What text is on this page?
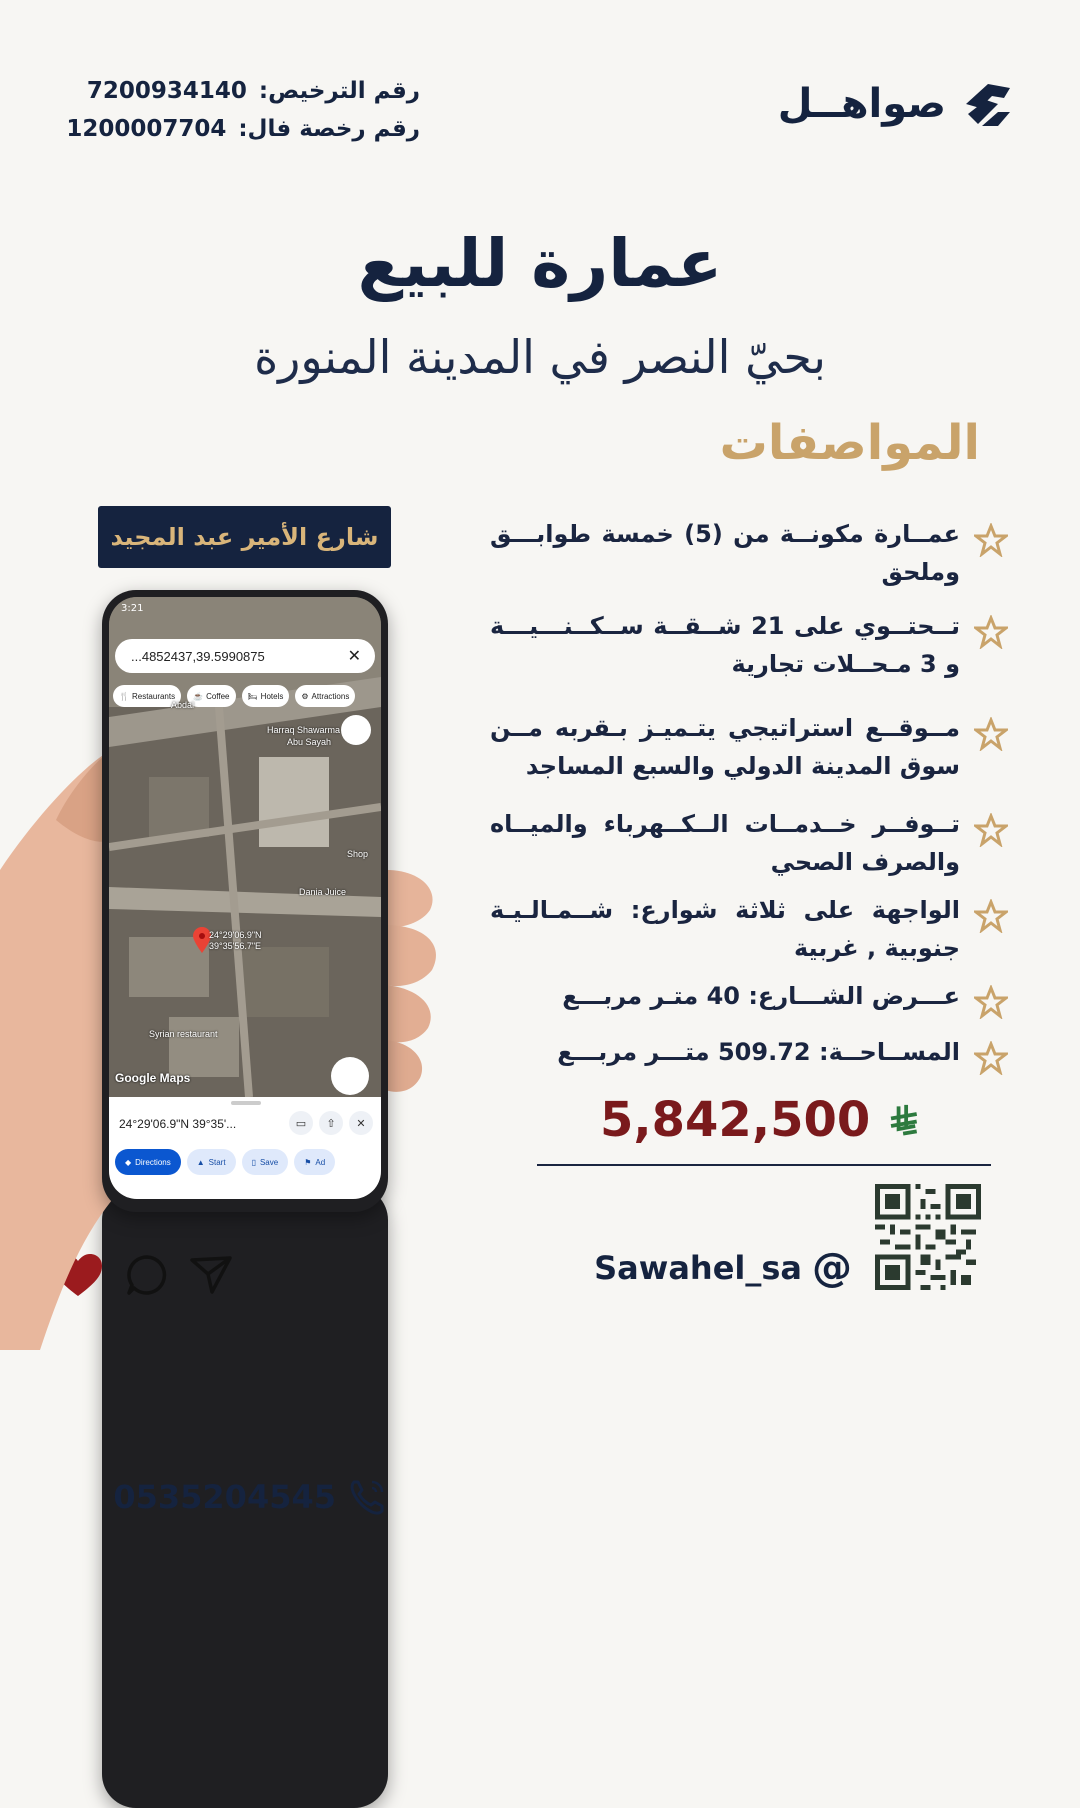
رقم الترخيص:
7200934140
رقم رخصة فال:
1200007704
صواهــل
عمارة للبيع
بحيّ النصر في المدينة المنورة
المواصفات
شارع الأمير عبد المجيد	عمــارة مكونــة من (5) خمسة طوابـــق وملحق
تــحتــوي على 21 شــقــة ســكــنـــيـــة و 3 مـحــلات تجارية
مــوقــع استراتيجي يتـميـز بـقربه مــن سوق المدينة الدولي والسبع المساجد
تــوفــر خــدمــات الــكــهرباء والميــاه والصرف الصحي
الواجهة على ثلاثة شوارع: شــمـالـيـة جنوبية , غربية
عـــرض الشـــارع: 40 متـر مربـــع
المســاحــة: 509.72 متـــر مربـــع
5,842,500
0535204545
Sawahel_sa @
3:21
...4852437,39.5990875	✕
🍴 Restaurants ☕ Coffee 🛏 Hotels ⚙ Attractions
Abdal
Harraq Shawarma
Abu Sayah
Shop
Dania Juice
Syrian restaurant
24°29'06.9"N
39°35'56.7"E
Google Maps
24°29'06.9"N 39°35'...	▭	⇧	✕
◆ Directions	▲ Start	▯ Save	⚑ Ad
